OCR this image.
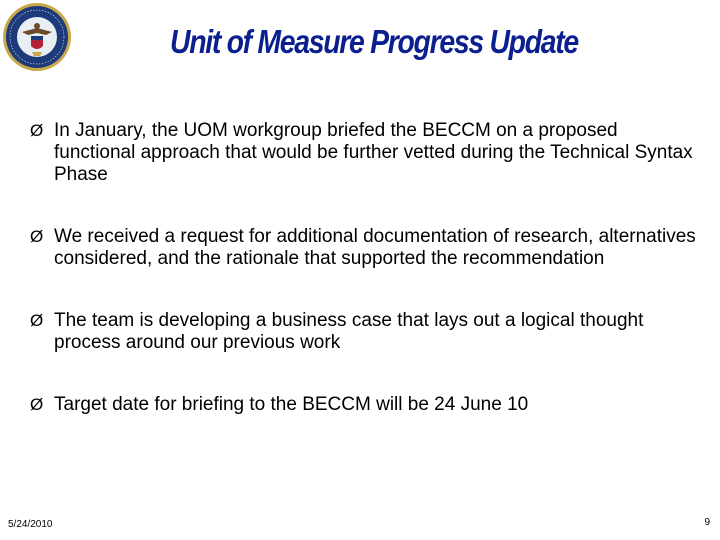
Unit of Measure Progress Update
Ø In January, the UOM workgroup briefed the BECCM on a proposed functional approach that would be further vetted during the Technical Syntax Phase
Ø We received a request for additional documentation of research, alternatives considered, and the rationale that supported the recommendation
Ø The team is developing a business case that lays out a logical thought process around our previous work
Ø Target date for briefing to the BECCM will be 24 June 10
5/24/2010	9
